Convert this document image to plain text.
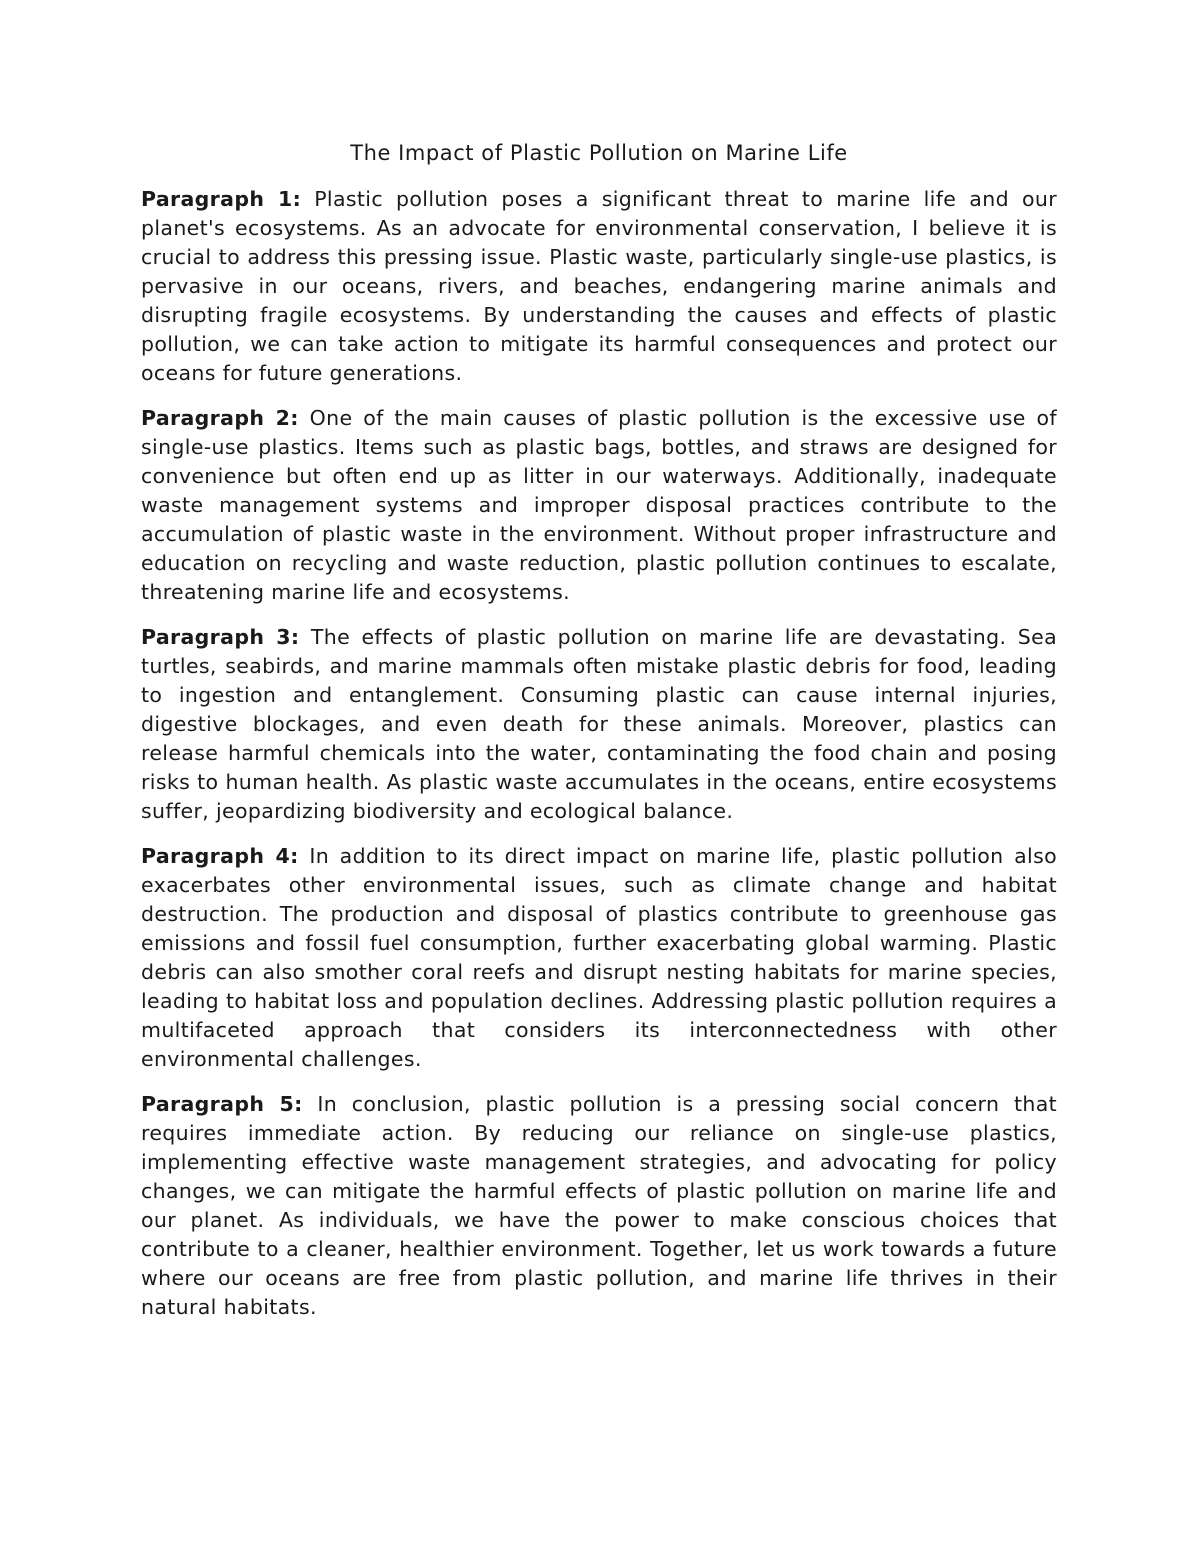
The Impact of Plastic Pollution on Marine Life

Paragraph 1: Plastic pollution poses a significant threat to marine life and our planet's ecosystems. As an advocate for environmental conservation, I believe it is crucial to address this pressing issue. Plastic waste, particularly single-use plastics, is pervasive in our oceans, rivers, and beaches, endangering marine animals and disrupting fragile ecosystems. By understanding the causes and effects of plastic pollution, we can take action to mitigate its harmful consequences and protect our oceans for future generations.

Paragraph 2: One of the main causes of plastic pollution is the excessive use of single-use plastics. Items such as plastic bags, bottles, and straws are designed for convenience but often end up as litter in our waterways. Additionally, inadequate waste management systems and improper disposal practices contribute to the accumulation of plastic waste in the environment. Without proper infrastructure and education on recycling and waste reduction, plastic pollution continues to escalate, threatening marine life and ecosystems.

Paragraph 3: The effects of plastic pollution on marine life are devastating. Sea turtles, seabirds, and marine mammals often mistake plastic debris for food, leading to ingestion and entanglement. Consuming plastic can cause internal injuries, digestive blockages, and even death for these animals. Moreover, plastics can release harmful chemicals into the water, contaminating the food chain and posing risks to human health. As plastic waste accumulates in the oceans, entire ecosystems suffer, jeopardizing biodiversity and ecological balance.

Paragraph 4: In addition to its direct impact on marine life, plastic pollution also exacerbates other environmental issues, such as climate change and habitat destruction. The production and disposal of plastics contribute to greenhouse gas emissions and fossil fuel consumption, further exacerbating global warming. Plastic debris can also smother coral reefs and disrupt nesting habitats for marine species, leading to habitat loss and population declines. Addressing plastic pollution requires a multifaceted approach that considers its interconnectedness with other environmental challenges.

Paragraph 5: In conclusion, plastic pollution is a pressing social concern that requires immediate action. By reducing our reliance on single-use plastics, implementing effective waste management strategies, and advocating for policy changes, we can mitigate the harmful effects of plastic pollution on marine life and our planet. As individuals, we have the power to make conscious choices that contribute to a cleaner, healthier environment. Together, let us work towards a future where our oceans are free from plastic pollution, and marine life thrives in their natural habitats.
